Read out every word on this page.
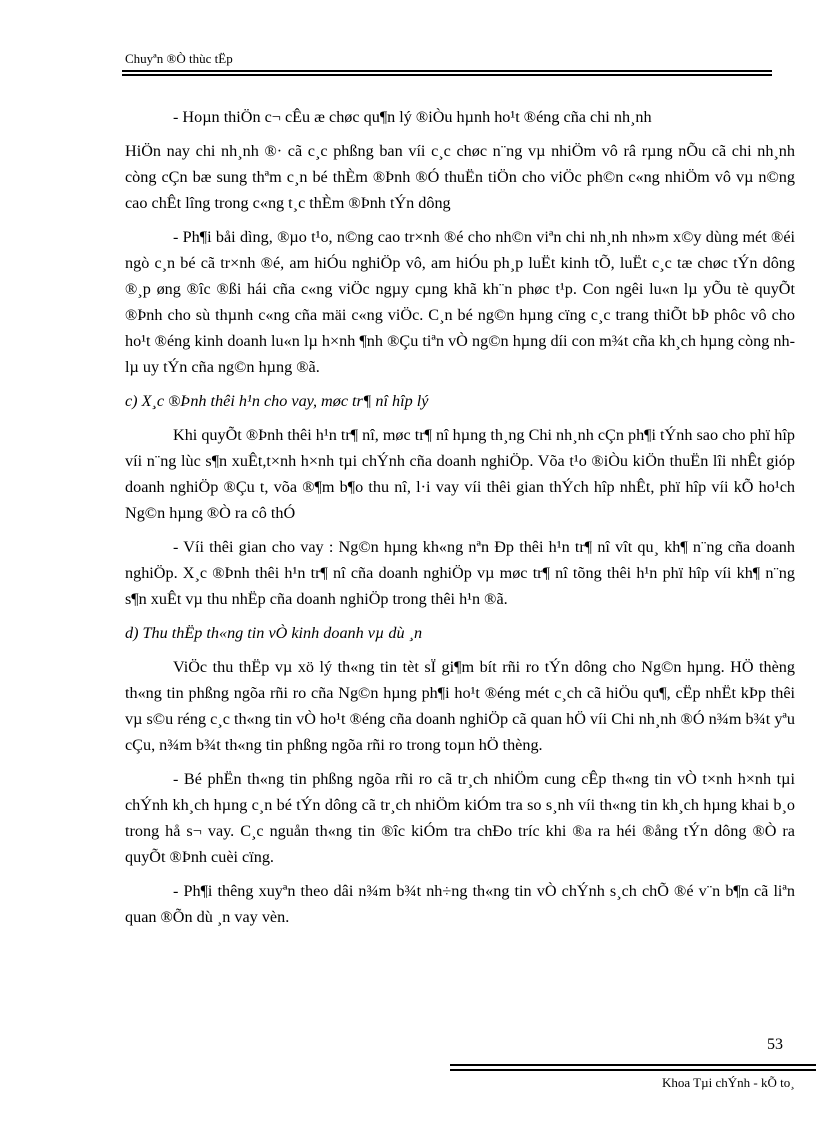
Chuyªn ®Ò thùc tËp

- Hoµn thiÖn c¬ cÊu æ chøc qu¶n lý ®iÒu hµnh ho¹t ®éng cña chi nh¸nh

HiÖn nay chi nh¸nh ®· cã c¸c phßng ban víi c¸c chøc n¨ng vµ nhiÖm vô râ rµng nÕu cã chi nh¸nh còng cÇn bæ sung thªm c¸n bé thÈm ®Þnh ®Ó thuËn tiÖn cho viÖc ph©n c«ng nhiÖm vô vµ n©ng cao chÊt lîng trong c«ng t¸c thÈm ®Þnh tÝn dông

- Ph¶i båi dìng, ®µo t¹o, n©ng cao tr×nh ®é cho nh©n viªn chi nh¸nh nh»m x©y dùng mét ®éi ngò c¸n bé cã tr×nh ®é, am hiÓu nghiÖp vô, am hiÓu ph¸p luËt kinh tÕ, luËt c¸c tæ chøc tÝn dông ®¸p øng ®îc ®ßi hái cña c«ng viÖc ngµy cµng khã kh¨n phøc t¹p. Con ngêi lu«n lµ yÕu tè quyÕt ®Þnh cho sù thµnh c«ng cña mäi c«ng viÖc. C¸n bé ng©n hµng cïng c¸c trang thiÕt bÞ phôc vô cho ho¹t ®éng kinh doanh lu«n lµ h×nh ¶nh ®Çu tiªn vÒ ng©n hµng díi con m¾t cña kh¸ch hµng còng nh lµ uy tÝn cña ng©n hµng ®ã.

c) X¸c ®Þnh thêi h¹n cho vay, møc tr¶ nî hîp lý

Khi quyÕt ®Þnh thêi h¹n tr¶ nî, møc tr¶ nî hµng th¸ng Chi nh¸nh cÇn ph¶i tÝnh sao cho phï hîp víi n¨ng lùc s¶n xuÊt,t×nh h×nh tµi chÝnh cña doanh nghiÖp. Võa t¹o ®iÒu kiÖn thuËn lîi nhÊt gióp doanh nghiÖp ®Çu t, võa ®¶m b¶o thu nî, l·i vay víi thêi gian thÝch hîp nhÊt, phï hîp víi kÕ ho¹ch Ng©n hµng ®Ò ra cô thÓ

- Víi thêi gian cho vay : Ng©n hµng kh«ng nªn Ðp thêi h¹n tr¶ nî vît qu¸ kh¶ n¨ng cña doanh nghiÖp. X¸c ®Þnh thêi h¹n tr¶ nî cña doanh nghiÖp vµ møc tr¶ nî tõng thêi h¹n phï hîp víi kh¶ n¨ng s¶n xuÊt vµ thu nhËp cña doanh nghiÖp trong thêi h¹n ®ã.

d) Thu thËp th«ng tin vÒ kinh doanh vµ dù ¸n

ViÖc thu thËp vµ xö lý th«ng tin tèt sÏ gi¶m bít rñi ro tÝn dông cho Ng©n hµng. HÖ thèng th«ng tin phßng ngõa rñi ro cña Ng©n hµng ph¶i ho¹t ®éng mét c¸ch cã hiÖu qu¶, cËp nhËt kÞp thêi vµ s©u réng c¸c th«ng tin vÒ ho¹t ®éng cña doanh nghiÖp cã quan hÖ víi Chi nh¸nh ®Ó n¾m b¾t yªu cÇu, n¾m b¾t th«ng tin phßng ngõa rñi ro trong toµn hÖ thèng.

- Bé phËn th«ng tin phßng ngõa rñi ro cã tr¸ch nhiÖm cung cÊp th«ng tin vÒ t×nh h×nh tµi chÝnh kh¸ch hµng c¸n bé tÝn dông cã tr¸ch nhiÖm kiÓm tra so s¸nh víi th«ng tin kh¸ch hµng khai b¸o trong hå s¬ vay. C¸c nguån th«ng tin ®îc kiÓm tra chÐo tríc khi ®a ra héi ®ång tÝn dông ®Ò ra quyÕt ®Þnh cuèi cïng.

- Ph¶i thêng xuyªn theo dâi n¾m b¾t nh÷ng th«ng tin vÒ chÝnh s¸ch chÕ ®é v¨n b¶n cã liªn quan ®Õn dù ¸n vay vèn.

53
Khoa Tµi chÝnh - kÕ to¸
